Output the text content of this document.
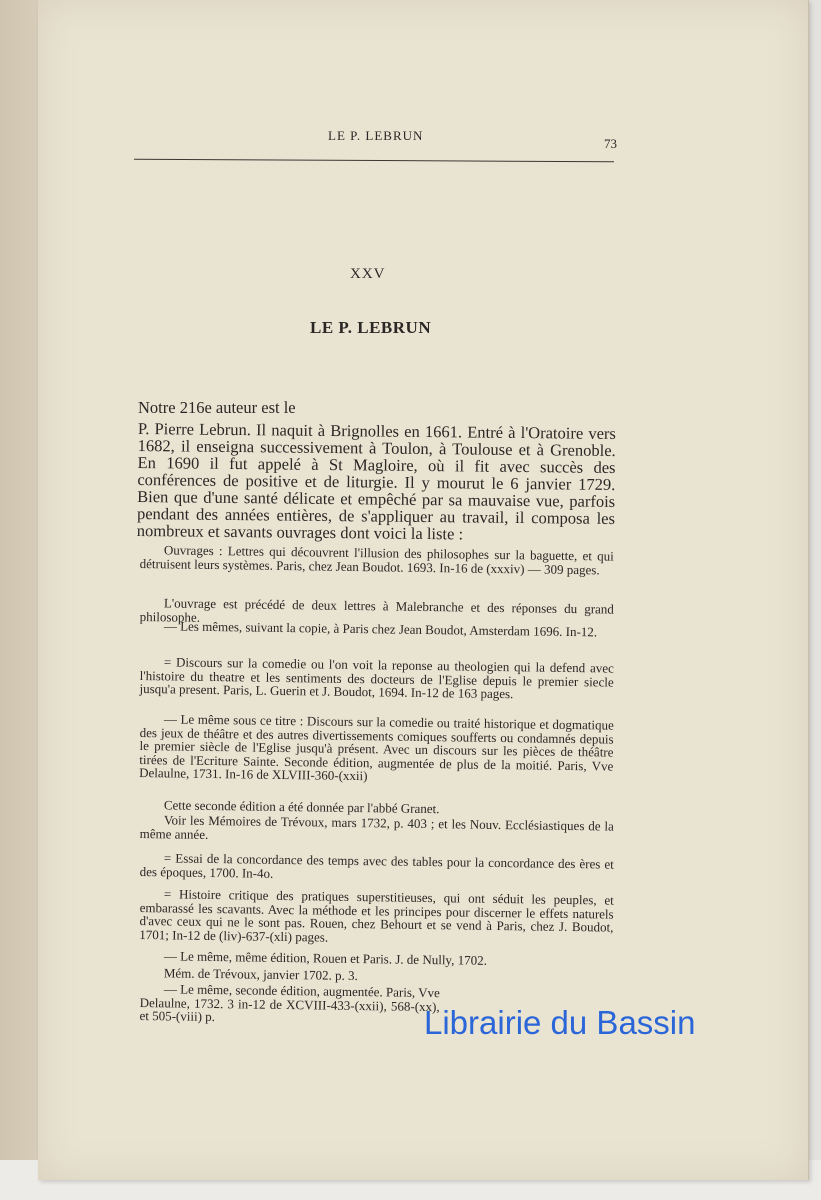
LE P. LEBRUN
73
XXV
LE P. LEBRUN
Notre 216e auteur est le
P. Pierre Lebrun. Il naquit à Brignolles en 1661. Entré à l'Oratoire vers 1682, il enseigna successivement à Toulon, à Toulouse et à Grenoble. En 1690 il fut appelé à St Magloire, où il fit avec succès des conférences de positive et de liturgie. Il y mourut le 6 janvier 1729. Bien que d'une santé délicate et empêché par sa mauvaise vue, parfois pendant des années entières, de s'appliquer au travail, il composa les nombreux et savants ouvrages dont voici la liste :
Ouvrages : Lettres qui découvrent l'illusion des philosophes sur la baguette, et qui détruisent leurs systèmes. Paris, chez Jean Boudot. 1693. In-16 de (xxxiv) — 309 pages.
L'ouvrage est précédé de deux lettres à Malebranche et des réponses du grand philosophe.
— Les mêmes, suivant la copie, à Paris chez Jean Boudot, Amsterdam 1696. In-12.
= Discours sur la comedie ou l'on voit la reponse au theologien qui la defend avec l'histoire du theatre et les sentiments des docteurs de l'Eglise depuis le premier siecle jusqu'a present. Paris, L. Guerin et J. Boudot, 1694. In-12 de 163 pages.
— Le même sous ce titre : Discours sur la comedie ou traité historique et dogmatique des jeux de théâtre et des autres divertissements comiques soufferts ou condamnés depuis le premier siècle de l'Eglise jusqu'à présent. Avec un discours sur les pièces de théâtre tirées de l'Ecriture Sainte. Seconde édition, augmentée de plus de la moitié. Paris, Vve Delaulne, 1731. In-16 de XLVIII-360-(xxii)
Cette seconde édition a été donnée par l'abbé Granet.
Voir les Mémoires de Trévoux, mars 1732, p. 403 ; et les Nouv. Ecclésiastiques de la même année.
= Essai de la concordance des temps avec des tables pour la concordance des ères et des époques, 1700. In-4o.
= Histoire critique des pratiques superstitieuses, qui ont séduit les peuples, et embarassé les scavants. Avec la méthode et les principes pour discerner le effets naturels d'avec ceux qui ne le sont pas. Rouen, chez Behourt et se vend à Paris, chez J. Boudot, 1701; In-12 de (liv)-637-(xli) pages.
— Le même, même édition, Rouen et Paris. J. de Nully, 1702.
Mém. de Trévoux, janvier 1702. p. 3.
— Le même, seconde édition, augmentée. Paris, Vve Delaulne, 1732. 3 in-12 de XCVIII-433-(xxii), 568-(xx), et 505-(viii) p.	Librairie du Bassin
